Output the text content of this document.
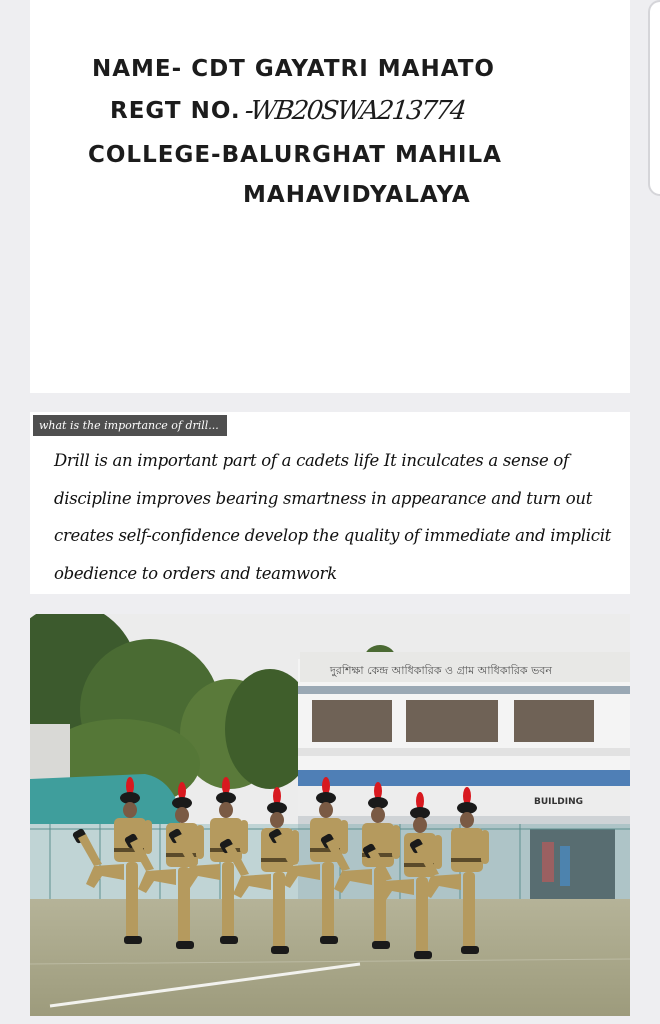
NAME- CDT GAYATRI MAHATO
REGT NO.-WB20SWA213774
COLLEGE-BALURGHAT MAHILA
MAHAVIDYALAYA
what is the importance of drill...
Drill is an important part of a cadets life It inculcates a sense of discipline improves bearing smartness in appearance and turn out creates self-confidence develop the quality of immediate and implicit obedience to orders and teamwork
দুরশিক্ষা কেন্দ্র আধিকারিক ও গ্রাম আধিকারিক ভবন
BUILDING
